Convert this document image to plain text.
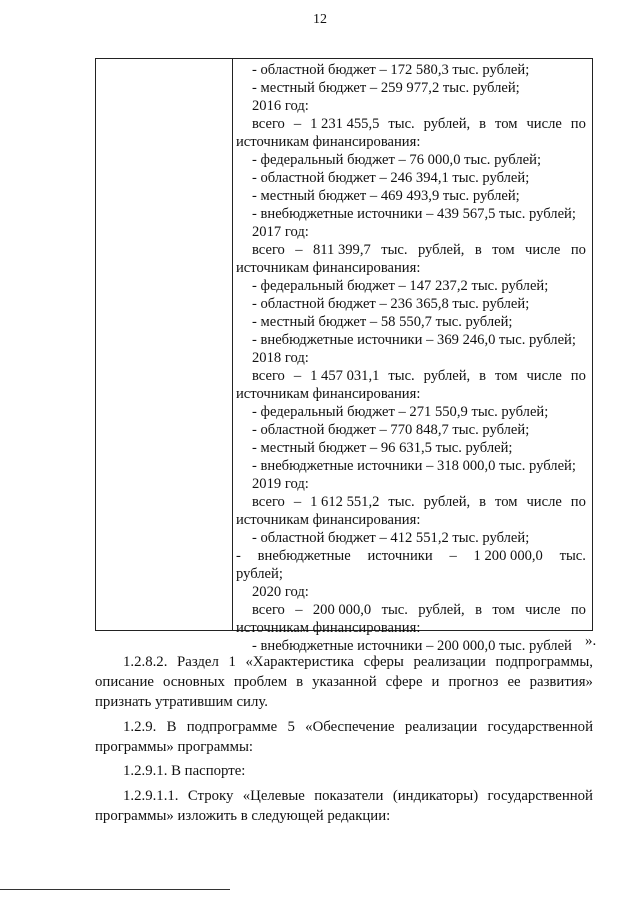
12
- областной бюджет – 172 580,3 тыс. рублей;
- местный бюджет – 259 977,2 тыс. рублей;
2016 год:
всего – 1 231 455,5 тыс. рублей, в том числе по
источникам финансирования:
- федеральный бюджет – 76 000,0 тыс. рублей;
- областной бюджет – 246 394,1 тыс. рублей;
- местный бюджет – 469 493,9 тыс. рублей;
- внебюджетные источники – 439 567,5 тыс. рублей;
2017 год:
всего – 811 399,7 тыс. рублей, в том числе по
источникам финансирования:
- федеральный бюджет – 147 237,2 тыс. рублей;
- областной бюджет – 236 365,8 тыс. рублей;
- местный бюджет – 58 550,7 тыс. рублей;
- внебюджетные источники – 369 246,0 тыс. рублей;
2018 год:
всего – 1 457 031,1 тыс. рублей, в том числе по
источникам финансирования:
- федеральный бюджет – 271 550,9 тыс. рублей;
- областной бюджет – 770 848,7 тыс. рублей;
- местный бюджет – 96 631,5 тыс. рублей;
- внебюджетные источники – 318 000,0 тыс. рублей;
2019 год:
всего – 1 612 551,2 тыс. рублей, в том числе по
источникам финансирования:
- областной бюджет – 412 551,2 тыс. рублей;
- внебюджетные источники – 1 200 000,0 тыс.
рублей;
2020 год:
всего – 200 000,0 тыс. рублей, в том числе по
источникам финансирования:
- внебюджетные источники – 200 000,0 тыс. рублей ».
1.2.8.2. Раздел 1 «Характеристика сферы реализации подпрограммы,
описание основных проблем в указанной сфере и прогноз ее развития»
признать утратившим силу.
1.2.9. В подпрограмме 5 «Обеспечение реализации государственной
программы» программы:
1.2.9.1. В паспорте:
1.2.9.1.1. Строку «Целевые показатели (индикаторы) государственной
программы» изложить в следующей редакции:
